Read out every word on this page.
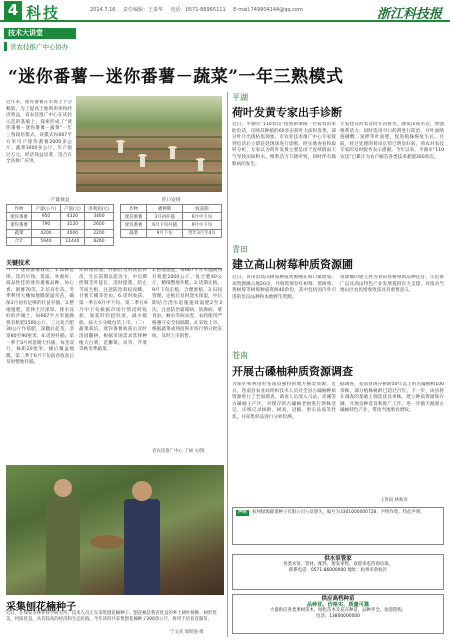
4 科技	2014.7.16 责任编辑：王秦华 电话：0571-86965111 E-mail:749904144@qq.com	浙江科技报
技术大讲堂
省农技推广中心协办
“迷你番薯－迷你番薯－蔬菜”一年三熟模式
近年来，迷你番薯在市场上十分畅销，为了提高土地利用率和经济效益，省农技推广中心在试验示范的基础上，探索形成了“迷你番薯－迷你番薯－蔬菜”一年三熟栽培模式。该模式每667平方米可产迷你番薯2000多公斤、蔬菜3000多公斤，年产值过万元，经济效益显著，适合在全省推广应用。
产量效益
作物	产量(公斤)	产值(元)	净利润(元)
迷你番薯	950	4320	3460
迷你番薯	790	3120	2600
蔬菜	4200	4000	2200
合计	5940	11440	8260
茬口安排
作物	播种期	收获期
迷你番薯	3月初扦插	6月中下旬
迷你番薯	6月下旬扦插	9月中下旬
蔬菜	9月下旬	翌年3月至4月
关键技术
（一）迷你番薯栽培。1.品种选择。选用早熟、优质、外观好、商品性佳的迷你番薯品种，如心香、浙薯70等。2.培育壮苗。冬季利用大棚加地膜保温育苗，确保3月初有足够的壮苗扦插。3.整地施肥。选择土层深厚、排水良好的沙壤土，每667平方米施腐熟有机肥1500公斤、三元复合肥30公斤作基肥，深翻后起垄，垄宽80至90厘米。4.适时扦插。第一季于3月初选晴天扦插，每垄双行，株距20厘米，插后覆盖地膜。第二季于6月下旬前茬收获后及时整地扦插。
5.田间管理。扦插后及时查苗补苗，生长前期以促为主，中后期控制茎叶徒长，适时提蔓，防止节间生根，注意防治斜纹夜蛾、甘薯天蛾等害虫。6.适时收获。第一季在6月中下旬、第二季在9月中下旬根据市场行情适时收获，收获时轻挖轻放，减少破损，按大小分级包装上市。（二）蔬菜栽培。迷你番薯收获后及时清园翻耕，根据市场需求选择种植大白菜、花椰菜、莴笋、芹菜等秋冬季蔬菜。
1.整地施肥。每667平方米施腐熟有机肥2000公斤、复合肥40公斤，精细整地作畦。2.适期定植。9月下旬定植，合理密植。3.田间管理。定植后及时浇水保湿，中后期结合浇水追施速效氮肥2至3次，注意防治霜霉病、软腐病、菜青虫、蚜虫等病虫害，农药使用严格遵守安全间隔期。4.采收上市。根据蔬菜成熟度和市场行情分批采收，及时上市销售。
省农技推广中心 丁丽 文/图
采集刨花楠种子
近日，在瑞安市林业科学研究所，技术人员正在采集刨花楠种子。刨花楠是我省优良的乡土阔叶树种，树形优美，材质优良，具有较高的经济和生态价值。今年该所共采集刨花楠种子200余公斤，将用于培育容器苗。
宁文武 瑞斯强 摄
平湖
荷叶发黄专家出手诊断
近日，平湖市“110农技”接到新埭镇一位荷农的求助电话，反映其种植的60多亩荷叶大面积发黄，部分叶片出现枯焦现象。市农业技术推广中心专家接到电话后立即赶赴现场进行诊断。经实地查看和取样分析，专家认为荷叶发黄主要是由于连续阴雨天气导致田间积水、根系活力下降所致，同时伴有腐败病的发生。
专家建议荷农及时开沟排水，降低田间水位，增强根系活力；同时选用对口药剂进行防治，并叶面喷施磷酸二氢钾等叶面肥，促进植株恢复生长。目前，经过处理的荷田长势已明显好转，荷农对农技专家的及时服务表示感谢。今年以来，平湖市“110农技”已累计为农户解答各类技术难题300余次。
青田
建立高山树莓种质资源圃
近日，青田县高山树莓种质资源圃在海口镇建成。该资源圃占地20亩，共收集保存红树莓、黑树莓、黄树莓等树莓种质资源40余份，其中包括国内外引进的优良品种和本地野生资源。
资源圃的建立将为青田县树莓新品种选育、示范推广以及高山特色产业发展提供有力支撑，对推动当地山区农民增收致富具有重要意义。
苍南
开展古磉柚种质资源调查
为保护和利用好苍南县独特的地方柚类资源，近日，苍南县农业局组织技术人员对全县古磉柚种质资源进行了全面调查。调查人员深入马站、赤溪等古磉柚主产区，对现存的古磉柚老树进行逐株登记，详细记录树龄、树高、冠幅、果实品质等性状，并采集样品进行分析检测。
据调查，苍南县现存树龄50年以上的古磉柚树100余株，部分植株树龄已超过百年。下一步，该县将在调查的基础上筛选优良单株，建立种质资源保存圃，开展良种选育和推广工作，进一步做大做强古磉柚特色产业，带动当地果农增收。
王春雨 林秋涛
声明 杭州绿源蔬菜种子有限公司公章遗失，编号为3301000000728，声明作废。特此声明。
供水泵管家
各类水泵、管材、配件，批发零售，欢迎来电咨询洽谈。
联系电话：0571-86000000 地址：杭州市余杭区
供应高档种苗
品种优、价格实、质量可靠
大量供应各类果树苗木、绿化苗木及花卉种苗，品种齐全，欢迎选购。
电话：13800000000
